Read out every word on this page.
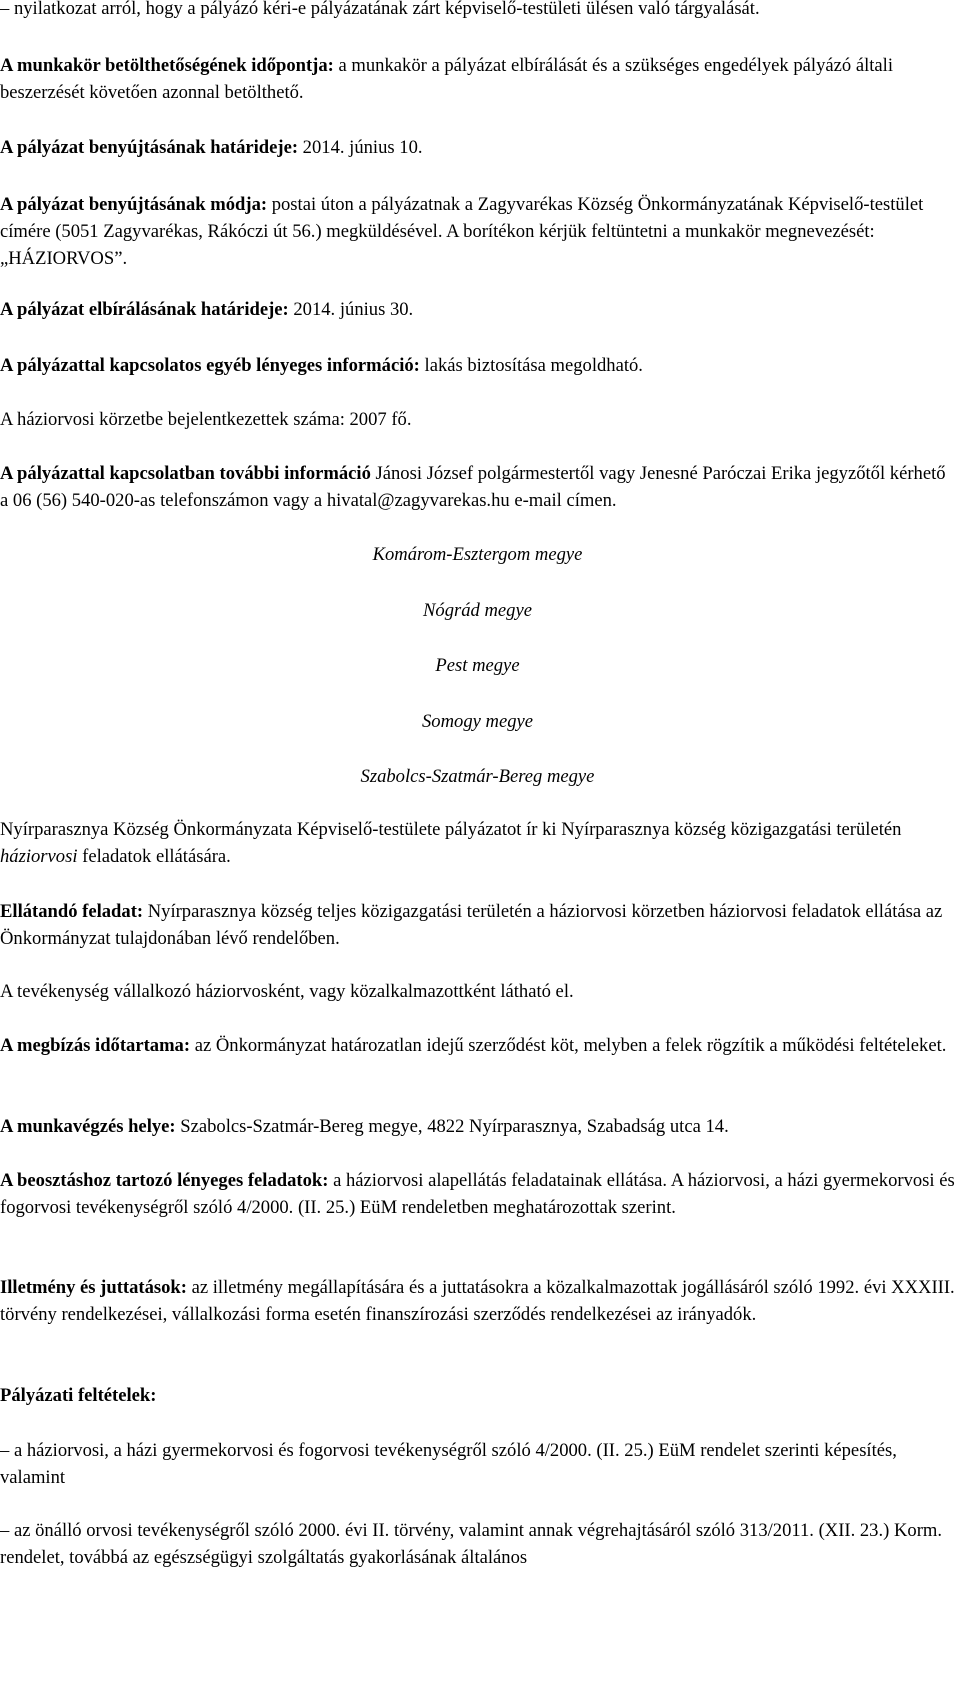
– nyilatkozat arról, hogy a pályázó kéri-e pályázatának zárt képviselő-testületi ülésen való tárgyalását.

A munkakör betölthetőségének időpontja: a munkakör a pályázat elbírálását és a szükséges engedélyek pályázó általi beszerzését követően azonnal betölthető.

A pályázat benyújtásának határideje: 2014. június 10.

A pályázat benyújtásának módja: postai úton a pályázatnak a Zagyvarékas Község Önkormányzatának Képviselő-testület címére (5051 Zagyvarékas, Rákóczi út 56.) megküldésével. A borítékon kérjük feltüntetni a munkakör megnevezését: „HÁZIORVOS”.

A pályázat elbírálásának határideje: 2014. június 30.

A pályázattal kapcsolatos egyéb lényeges információ: lakás biztosítása megoldható.

A háziorvosi körzetbe bejelentkezettek száma: 2007 fő.

A pályázattal kapcsolatban további információ Jánosi József polgármestertől vagy Jenesné Paróczai Erika jegyzőtől kérhető a 06 (56) 540-020-as telefonszámon vagy a hivatal@zagyvarekas.hu e-mail címen.

Komárom-Esztergom megye

Nógrád megye

Pest megye

Somogy megye

Szabolcs-Szatmár-Bereg megye

Nyírparasznya Község Önkormányzata Képviselő-testülete pályázatot ír ki Nyírparasznya község közigazgatási területén háziorvosi feladatok ellátására.

Ellátandó feladat: Nyírparasznya község teljes közigazgatási területén a háziorvosi körzetben háziorvosi feladatok ellátása az Önkormányzat tulajdonában lévő rendelőben.

A tevékenység vállalkozó háziorvosként, vagy közalkalmazottként látható el.

A megbízás időtartama: az Önkormányzat határozatlan idejű szerződést köt, melyben a felek rögzítik a működési feltételeket.

A munkavégzés helye: Szabolcs-Szatmár-Bereg megye, 4822 Nyírparasznya, Szabadság utca 14.

A beosztáshoz tartozó lényeges feladatok: a háziorvosi alapellátás feladatainak ellátása. A háziorvosi, a házi gyermekorvosi és fogorvosi tevékenységről szóló 4/2000. (II. 25.) EüM rendeletben meghatározottak szerint.

Illetmény és juttatások: az illetmény megállapítására és a juttatásokra a közalkalmazottak jogállásáról szóló 1992. évi XXXIII. törvény rendelkezései, vállalkozási forma esetén finanszírozási szerződés rendelkezései az irányadók.

Pályázati feltételek:

– a háziorvosi, a házi gyermekorvosi és fogorvosi tevékenységről szóló 4/2000. (II. 25.) EüM rendelet szerinti képesítés, valamint

– az önálló orvosi tevékenységről szóló 2000. évi II. törvény, valamint annak végrehajtásáról szóló 313/2011. (XII. 23.) Korm. rendelet, továbbá az egészségügyi szolgáltatás gyakorlásának általános
